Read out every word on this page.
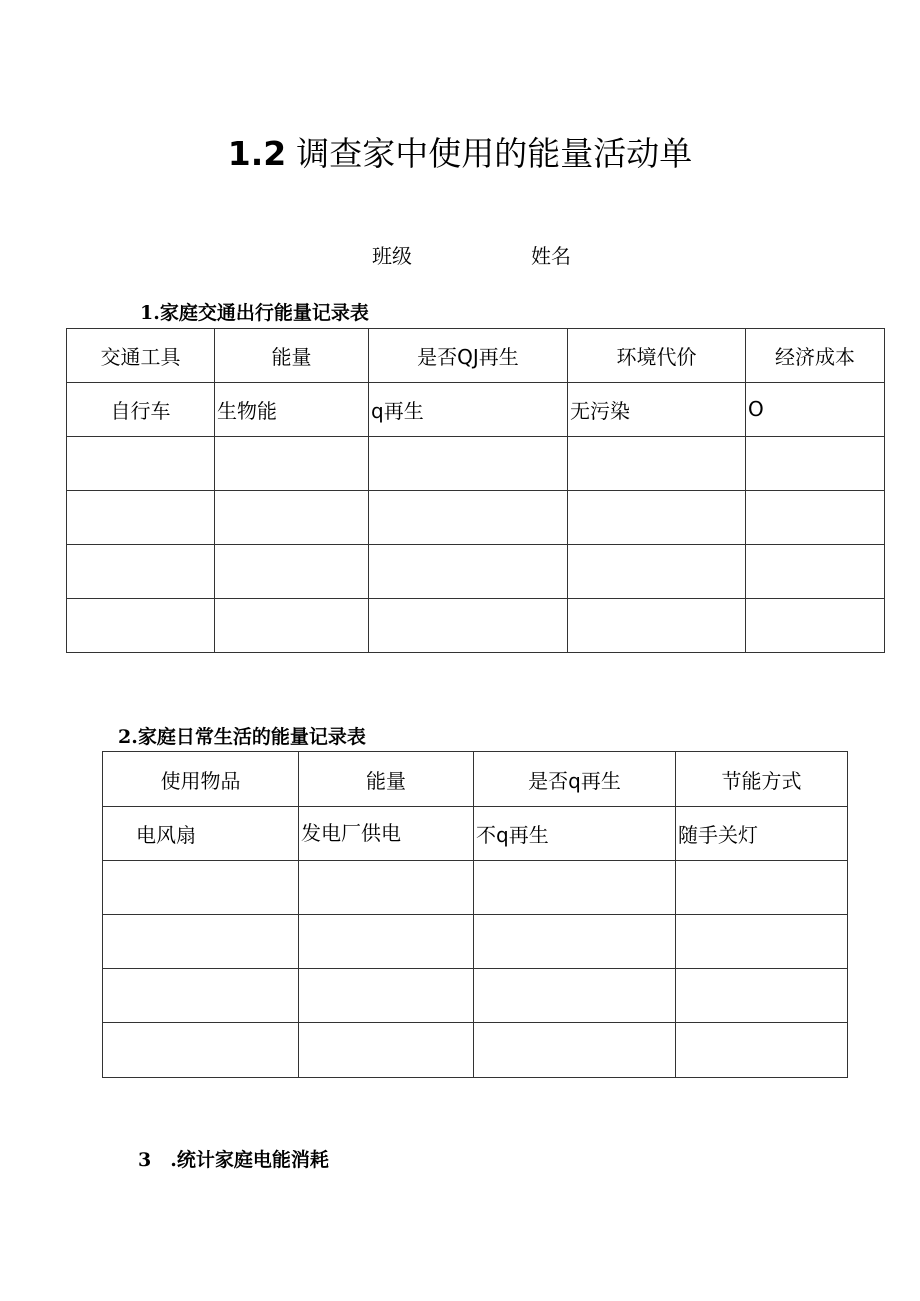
1.2 调查家中使用的能量活动单
班级	姓名
1.家庭交通出行能量记录表
交通工具	能量	是否QJ再生	环境代价	经济成本
自行车	生物能	q再生	无污染	O

2.家庭日常生活的能量记录表
使用物品	能量	是否q再生	节能方式
电风扇	发电厂供电	不q再生	随手关灯

3 .统计家庭电能消耗
